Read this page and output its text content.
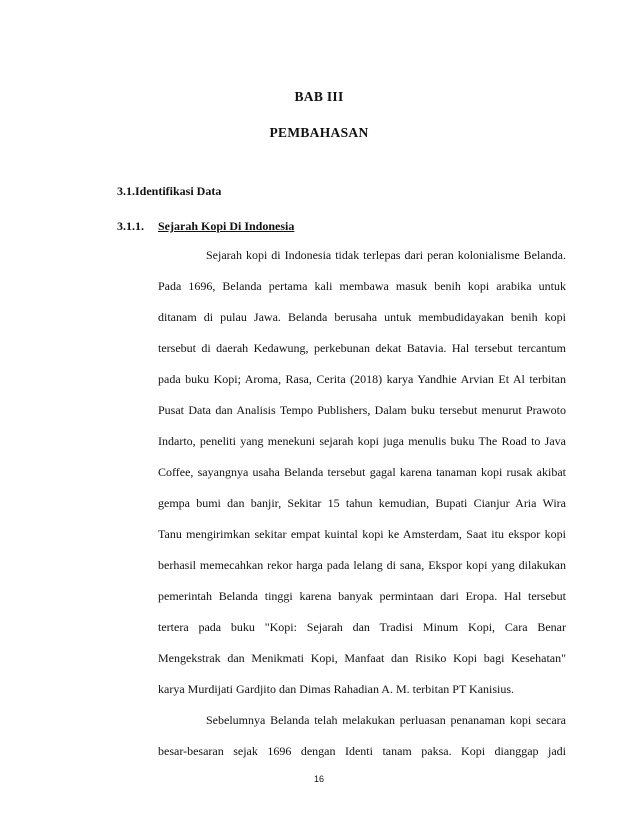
BAB III
PEMBAHASAN
3.1.Identifikasi Data
3.1.1. Sejarah Kopi Di Indonesia
Sejarah kopi di Indonesia tidak terlepas dari peran kolonialisme Belanda.
Pada 1696, Belanda pertama kali membawa masuk benih kopi arabika untuk
ditanam di pulau Jawa. Belanda berusaha untuk membudidayakan benih kopi
tersebut di daerah Kedawung, perkebunan dekat Batavia. Hal tersebut tercantum
pada buku Kopi; Aroma, Rasa, Cerita (2018) karya Yandhie Arvian Et Al terbitan
Pusat Data dan Analisis Tempo Publishers, Dalam buku tersebut menurut Prawoto
Indarto, peneliti yang menekuni sejarah kopi juga menulis buku The Road to Java
Coffee, sayangnya usaha Belanda tersebut gagal karena tanaman kopi rusak akibat
gempa bumi dan banjir, Sekitar 15 tahun kemudian, Bupati Cianjur Aria Wira
Tanu mengirimkan sekitar empat kuintal kopi ke Amsterdam, Saat itu ekspor kopi
berhasil memecahkan rekor harga pada lelang di sana, Ekspor kopi yang dilakukan
pemerintah Belanda tinggi karena banyak permintaan dari Eropa. Hal tersebut
tertera pada buku "Kopi: Sejarah dan Tradisi Minum Kopi, Cara Benar
Mengekstrak dan Menikmati Kopi, Manfaat dan Risiko Kopi bagi Kesehatan"
karya Murdijati Gardjito dan Dimas Rahadian A. M. terbitan PT Kanisius.
Sebelumnya Belanda telah melakukan perluasan penanaman kopi secara
besar-besaran sejak 1696 dengan Identi tanam paksa. Kopi dianggap jadi
16
